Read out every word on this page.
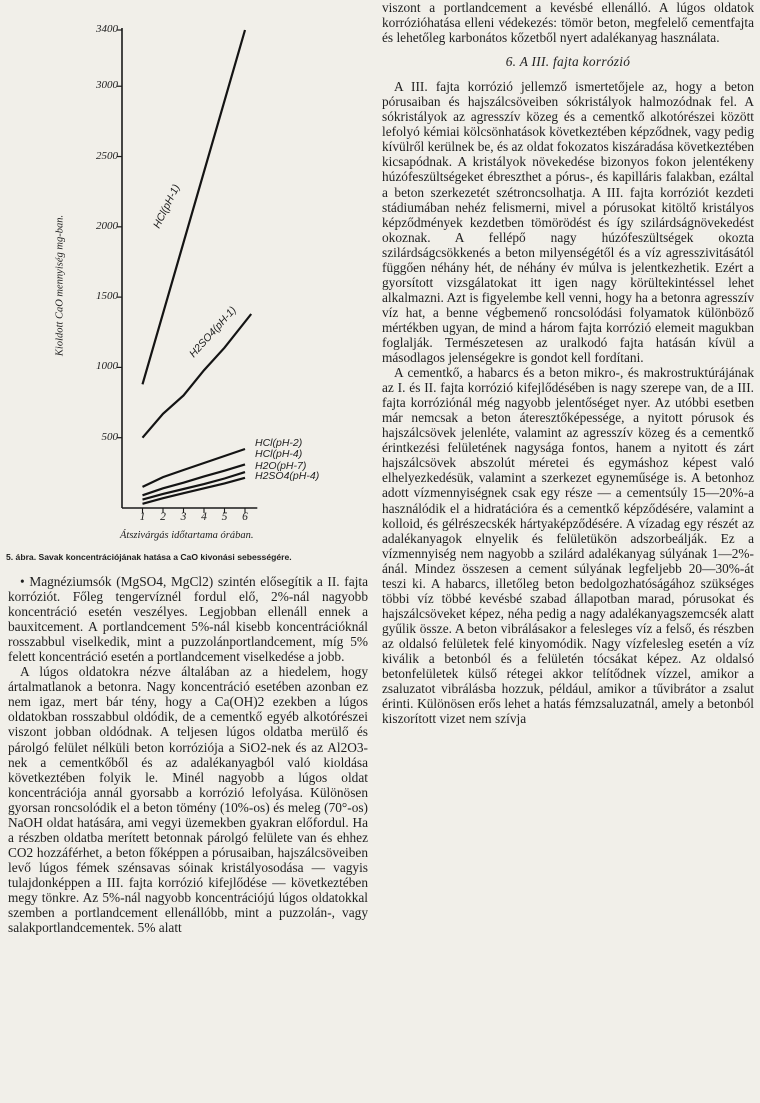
Kioldott CaO mennyiség mg-ban.
Átszivárgás időtartama órában.
500
1000
1500
2000
2500
3000
3400
1	2	3	4	5	6
HCl(pH-1)
H2SO4(pH-1)
HCl(pH-2)
HCl(pH-4)
H2O(pH-7)
H2SO4(pH-4)
5. ábra. Savak koncentrációjának hatása a CaO kivonási sebességére.

• Magnéziumsók (MgSO4, MgCl2) szintén elősegítik a II. fajta korróziót. Főleg tengervíznél fordul elő, 2%-nál nagyobb koncentráció esetén veszélyes. Legjobban ellenáll ennek a bauxitcement. A portlandcement 5%-nál kisebb koncentrációknál rosszabbul viselkedik, mint a puzzolánportlandcement, míg 5% felett koncentráció esetén a portlandcement viselkedése a jobb.

A lúgos oldatokra nézve általában az a hiedelem, hogy ártalmatlanok a betonra. Nagy koncentráció esetében azonban ez nem igaz, mert bár tény, hogy a Ca(OH)2 ezekben a lúgos oldatokban rosszabbul oldódik, de a cementkő egyéb alkotórészei viszont jobban oldódnak. A teljesen lúgos oldatba merülő és párolgó felület nélküli beton korróziója a SiO2-nek és az Al2O3-nek a cementkőből és az adalékanyagból való kioldása következtében folyik le. Minél nagyobb a lúgos oldat koncentrációja annál gyorsabb a korrózió lefolyása. Különösen gyorsan roncsolódik el a beton tömény (10%-os) és meleg (70°-os) NaOH oldat hatására, ami vegyi üzemekben gyakran előfordul. Ha a részben oldatba merített betonnak párolgó felülete van és ehhez CO2 hozzáférhet, a beton főképpen a pórusaiban, hajszálcsöveiben levő lúgos fémek szénsavas sóinak kristályosodása — vagyis tulajdonképpen a III. fajta korrózió kifejlődése — következtében megy tönkre. Az 5%-nál nagyobb koncentrációjú lúgos oldatokkal szemben a portlandcement ellenállóbb, mint a puzzolán-, vagy salakportlandcementek. 5% alatt

viszont a portlandcement a kevésbé ellenálló. A lúgos oldatok korrózióhatása elleni védekezés: tömör beton, megfelelő cementfajta és lehetőleg karbonátos kőzetből nyert adalékanyag használata.

6. A III. fajta korrózió

A III. fajta korrózió jellemző ismertetőjele az, hogy a beton pórusaiban és hajszálcsöveiben sókristályok halmozódnak fel. A sókristályok az agresszív közeg és a cementkő alkotórészei között lefolyó kémiai kölcsönhatások következtében képződnek, vagy pedig kívülről kerülnek be, és az oldat fokozatos kiszáradása következtében kicsapódnak. A kristályok növekedése bizonyos fokon jelentékeny húzófeszültségeket ébreszthet a pórus-, és kapilláris falakban, ezáltal a beton szerkezetét szétroncsolhatja. A III. fajta korróziót kezdeti stádiumában nehéz felismerni, mivel a pórusokat kitöltő kristályos képződmények kezdetben tömörödést és így szilárdságnövekedést okoznak. A fellépő nagy húzófeszültségek okozta szilárdságcsökkenés a beton milyenségétől és a víz agresszivitásától függően néhány hét, de néhány év múlva is jelentkezhetik. Ezért a gyorsított vizsgálatokat itt igen nagy körültekintéssel lehet alkalmazni. Azt is figyelembe kell venni, hogy ha a betonra agresszív víz hat, a benne végbemenő roncsolódási folyamatok különböző mértékben ugyan, de mind a három fajta korrózió elemeit magukban foglalják. Természetesen az uralkodó fajta hatásán kívül a másodlagos jelenségekre is gondot kell fordítani.

A cementkő, a habarcs és a beton mikro-, és makrostruktúrájának az I. és II. fajta korrózió kifejlődésében is nagy szerepe van, de a III. fajta korróziónál még nagyobb jelentőséget nyer. Az utóbbi esetben már nemcsak a beton áteresztőképessége, a nyitott pórusok és hajszálcsövek jelenléte, valamint az agresszív közeg és a cementkő érintkezési felületének nagysága fontos, hanem a nyitott és zárt hajszálcsövek abszolút méretei és egymáshoz képest való elhelyezkedésük, valamint a szerkezet egyneműsége is. A betonhoz adott vízmennyiségnek csak egy része — a cementsúly 15—20%-a használódik el a hidratációra és a cementkő képződésére, valamint a kolloid, és gélrészecskék hártyaképződésére. A vízadag egy részét az adalékanyagok elnyelik és felületükön adszorbeálják. Ez a vízmennyiség nem nagyobb a szilárd adalékanyag súlyának 1—2%-ánál. Mindez összesen a cement súlyának legfeljebb 20—30%-át teszi ki. A habarcs, illetőleg beton bedolgozhatóságához szükséges többi víz többé kevésbé szabad állapotban marad, pórusokat és hajszálcsöveket képez, néha pedig a nagy adalékanyagszemcsék alatt gyűlik össze. A beton vibrálásakor a felesleges víz a felső, és részben az oldalsó felületek felé kinyomódik. Nagy vízfelesleg esetén a víz kiválik a betonból és a felületén tócsákat képez. Az oldalsó betonfelületek külső rétegei akkor telítődnek vízzel, amikor a zsaluzatot vibrálásba hozzuk, például, amikor a tűvibrátor a zsalut érinti. Különösen erős lehet a hatás fémzsaluzatnál, amely a betonból kiszorított vizet nem szívja
